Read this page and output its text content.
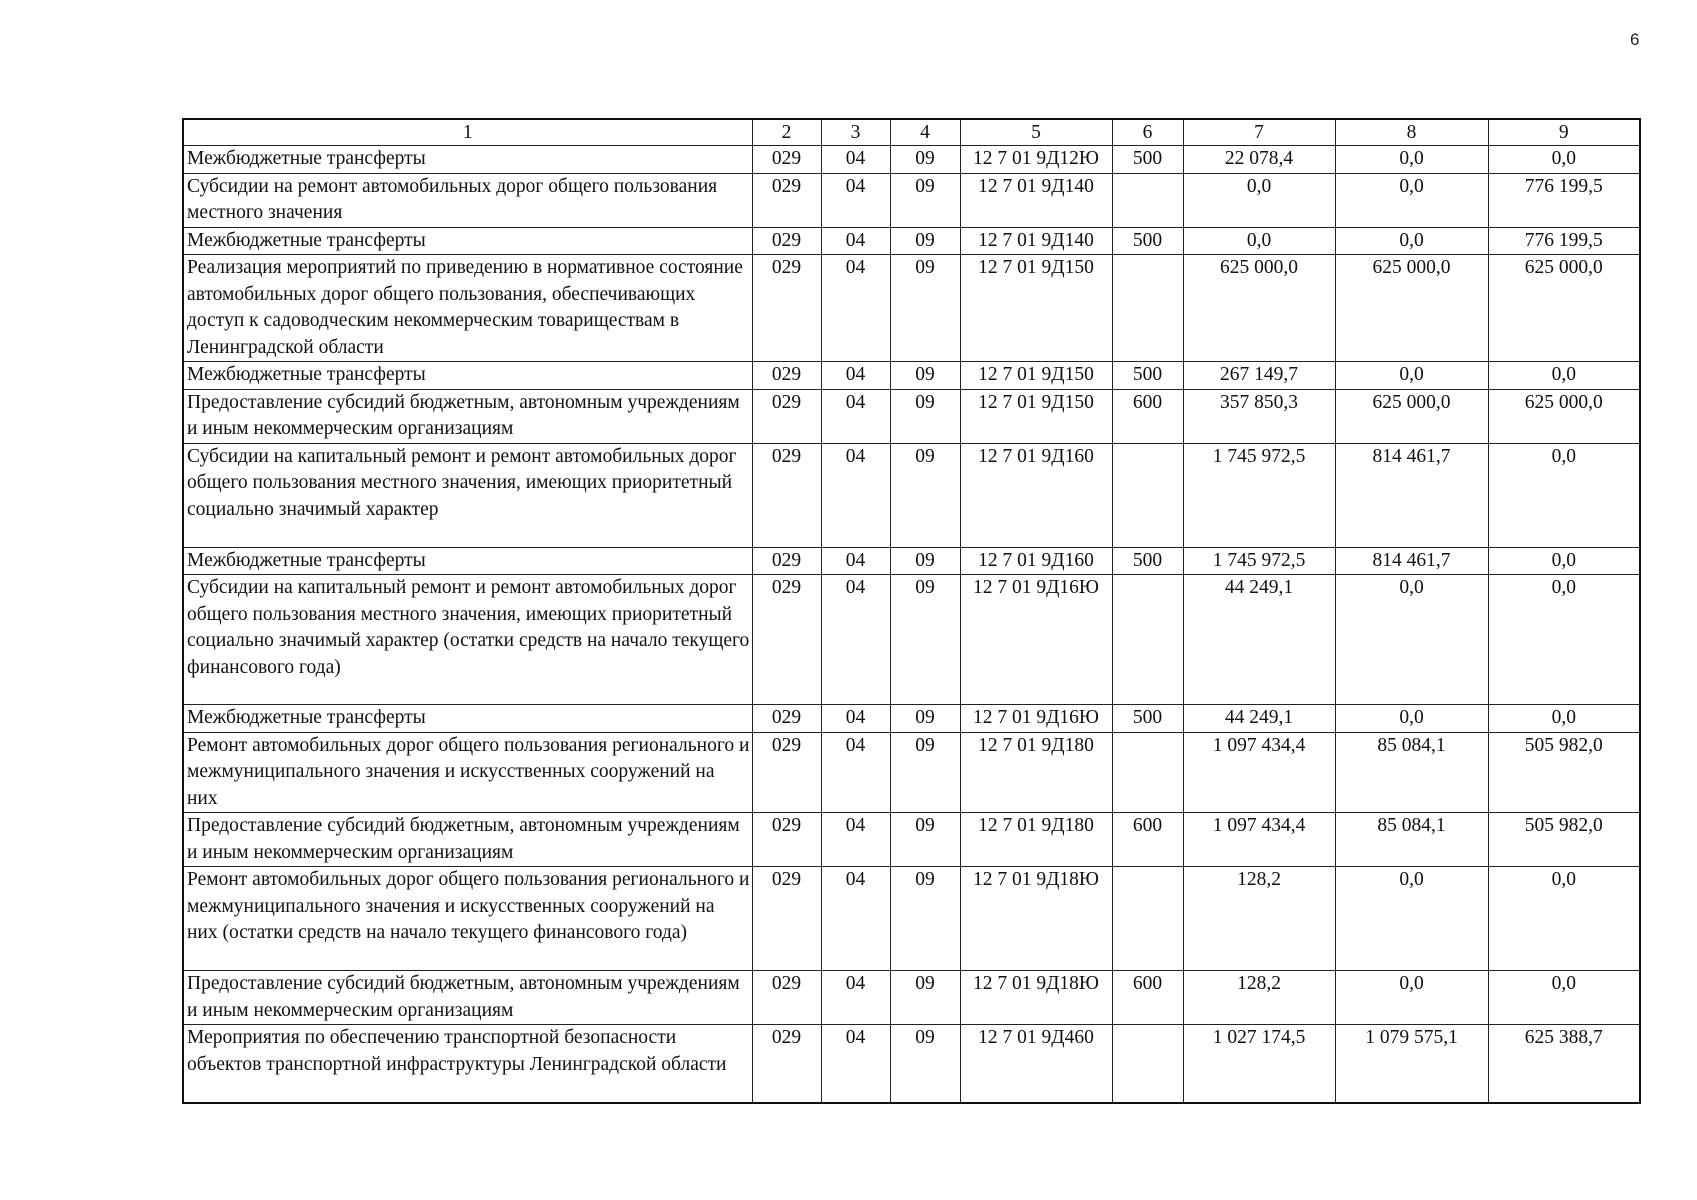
6
1	2	3	4	5	6	7	8	9
Межбюджетные трансферты	029	04	09	12 7 01 9Д12Ю	500	22 078,4	0,0	0,0
Субсидии на ремонт автомобильных дорог общего пользования местного значения	029	04	09	12 7 01 9Д140		0,0	0,0	776 199,5
Межбюджетные трансферты	029	04	09	12 7 01 9Д140	500	0,0	0,0	776 199,5
Реализация мероприятий по приведению в нормативное состояние автомобильных дорог общего пользования, обеспечивающих доступ к садоводческим некоммерческим товариществам в Ленинградской области	029	04	09	12 7 01 9Д150		625 000,0	625 000,0	625 000,0
Межбюджетные трансферты	029	04	09	12 7 01 9Д150	500	267 149,7	0,0	0,0
Предоставление субсидий бюджетным, автономным учреждениям и иным некоммерческим организациям	029	04	09	12 7 01 9Д150	600	357 850,3	625 000,0	625 000,0
Субсидии на капитальный ремонт и ремонт автомобильных дорог общего пользования местного значения, имеющих приоритетный социально значимый характер	029	04	09	12 7 01 9Д160		1 745 972,5	814 461,7	0,0
Межбюджетные трансферты	029	04	09	12 7 01 9Д160	500	1 745 972,5	814 461,7	0,0
Субсидии на капитальный ремонт и ремонт автомобильных дорог общего пользования местного значения, имеющих приоритетный социально значимый характер (остатки средств на начало текущего финансового года)	029	04	09	12 7 01 9Д16Ю		44 249,1	0,0	0,0
Межбюджетные трансферты	029	04	09	12 7 01 9Д16Ю	500	44 249,1	0,0	0,0
Ремонт автомобильных дорог общего пользования регионального и межмуниципального значения и искусственных сооружений на них	029	04	09	12 7 01 9Д180		1 097 434,4	85 084,1	505 982,0
Предоставление субсидий бюджетным, автономным учреждениям и иным некоммерческим организациям	029	04	09	12 7 01 9Д180	600	1 097 434,4	85 084,1	505 982,0
Ремонт автомобильных дорог общего пользования регионального и межмуниципального значения и искусственных сооружений на них (остатки средств на начало текущего финансового года)	029	04	09	12 7 01 9Д18Ю		128,2	0,0	0,0
Предоставление субсидий бюджетным, автономным учреждениям и иным некоммерческим организациям	029	04	09	12 7 01 9Д18Ю	600	128,2	0,0	0,0
Мероприятия по обеспечению транспортной безопасности объектов транспортной инфраструктуры Ленинградской области	029	04	09	12 7 01 9Д460		1 027 174,5	1 079 575,1	625 388,7
